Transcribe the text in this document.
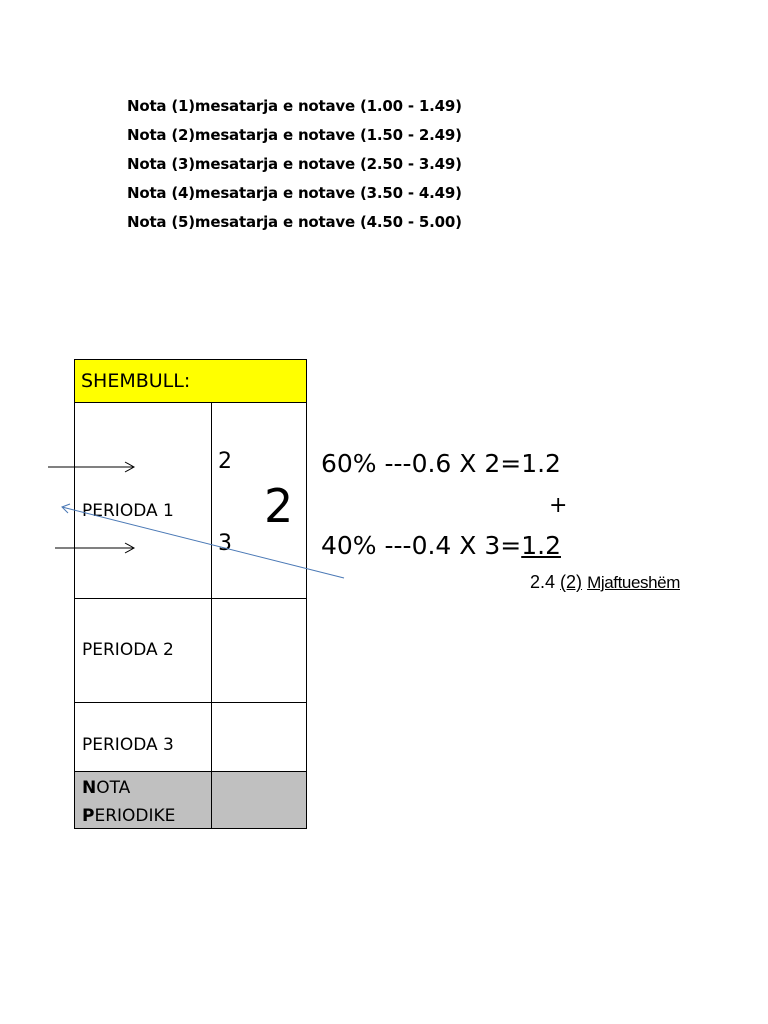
Nota (1)mesatarja e notave (1.00 - 1.49)
Nota (2)mesatarja e notave (1.50 - 2.49)
Nota (3)mesatarja e notave (2.50 - 3.49)
Nota (4)mesatarja e notave (3.50 - 4.49)
Nota (5)mesatarja e notave (4.50 - 5.00)
SHEMBULL:
PERIODA 1
2
3
2
PERIODA 2
PERIODA 3
NOTA
PERIODIKE
60% ---0.6 X 2=1.2
+
40% ---0.4 X 3=1.2
2.4 (2) Mjaftueshëm
